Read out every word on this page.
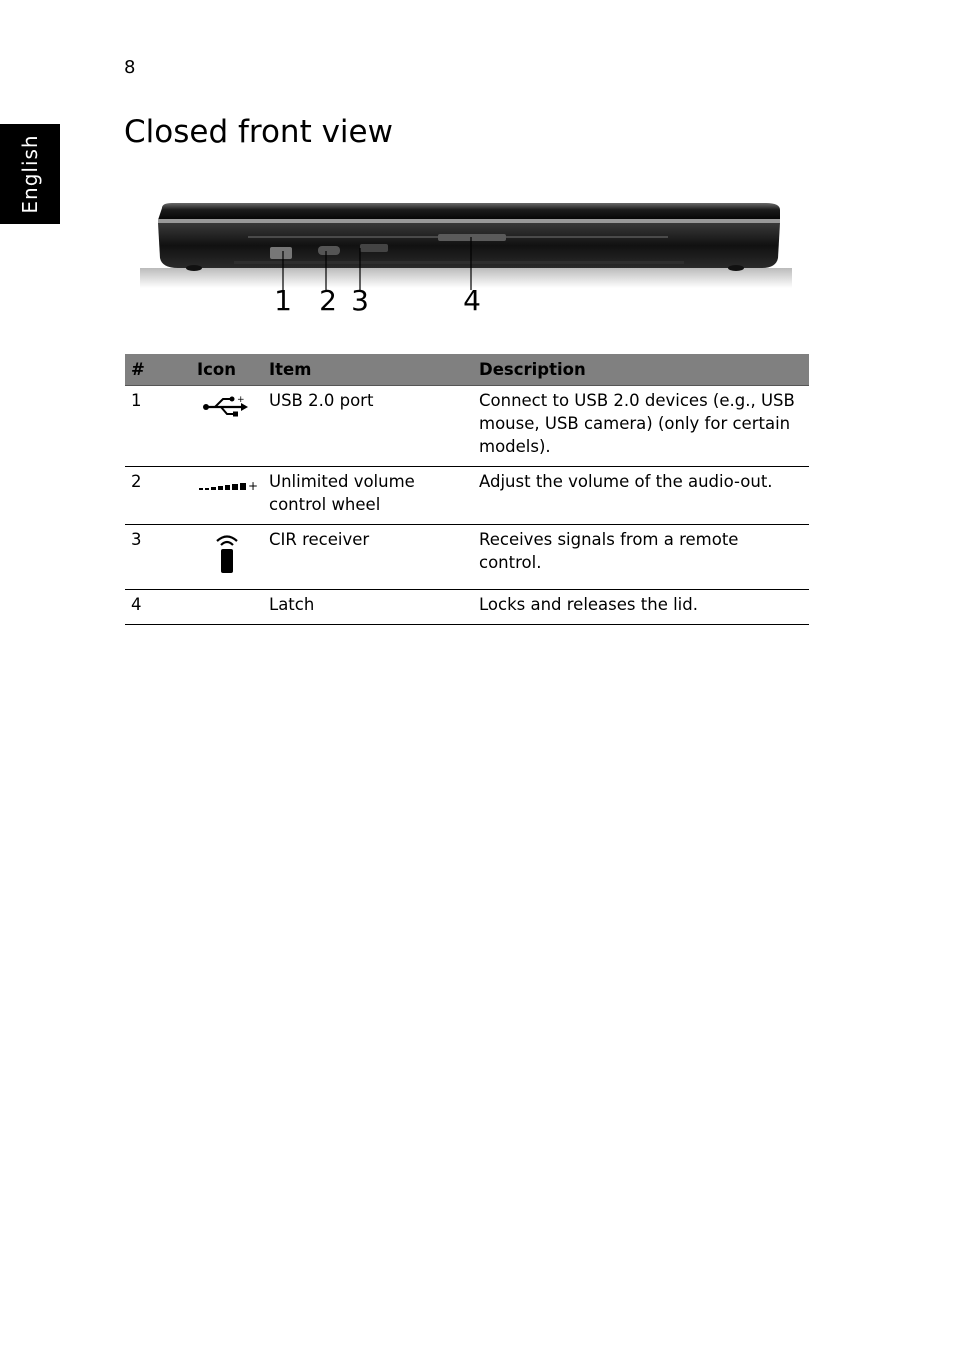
8
English
Closed front view
1 2 3	4
#	Icon	Item	Description
1	+	USB 2.0 port	Connect to USB 2.0 devices (e.g., USB mouse, USB camera) (only for certain models).
2	+	Unlimited volume control wheel	Adjust the volume of the audio-out.
3		CIR receiver	Receives signals from a remote control.
4		Latch	Locks and releases the lid.
